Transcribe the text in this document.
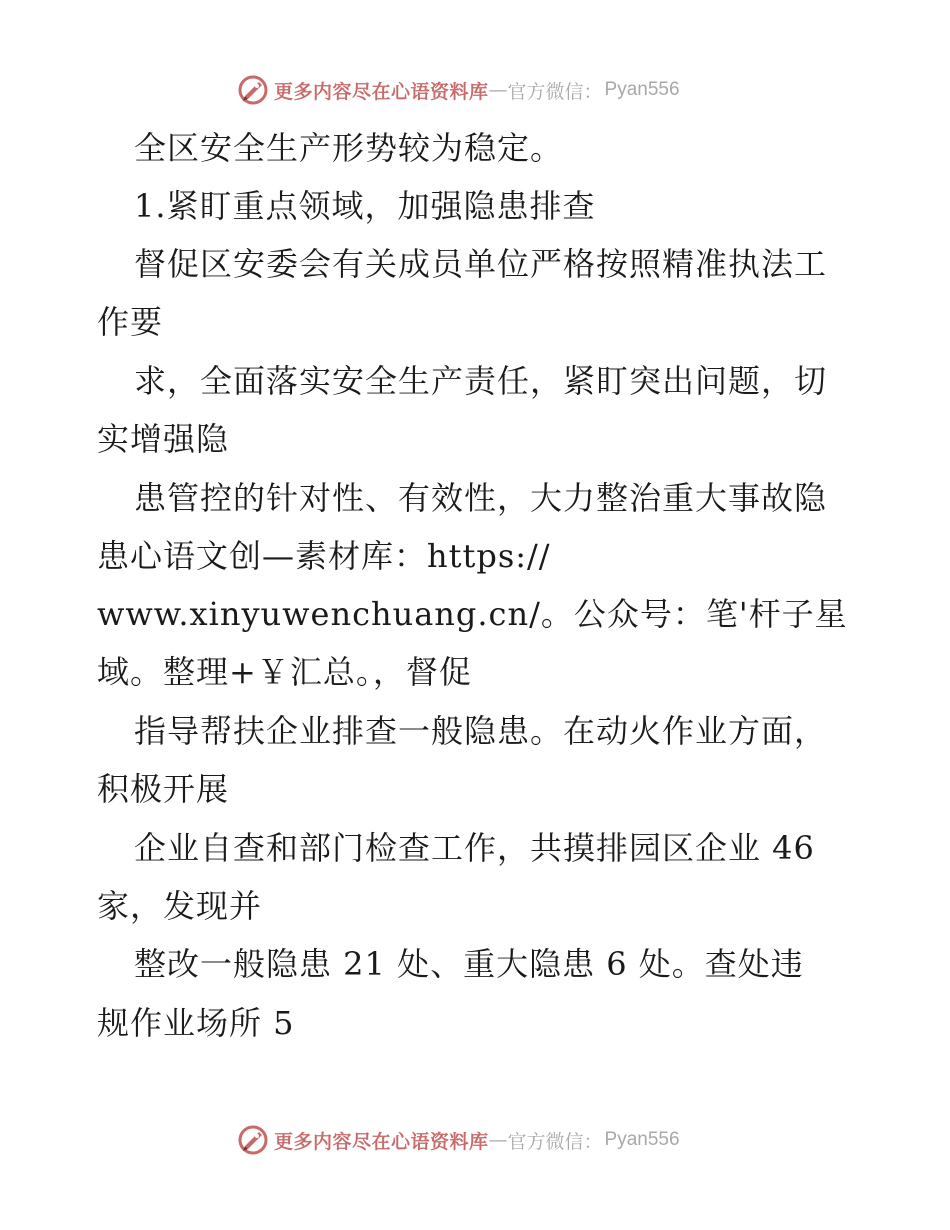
更多内容尽在心语资料库 — 官方微信： Pyan556
全区安全生产形势较为稳定。
1.紧盯重点领域，加强隐患排查
督促区安委会有关成员单位严格按照精准执法工
作要
求，全面落实安全生产责任，紧盯突出问题，切
实增强隐
患管控的针对性、有效性，大力整治重大事故隐
患心语文创—素材库：https://
www.xinyuwenchuang.cn/。公众号：笔'杆子星
域。整理+￥汇总。，督促
指导帮扶企业排查一般隐患。在动火作业方面，
积极开展
企业自查和部门检查工作，共摸排园区企业 46
家，发现并
整改一般隐患 21 处、重大隐患 6 处。查处违
规作业场所 5
更多内容尽在心语资料库 — 官方微信： Pyan556
